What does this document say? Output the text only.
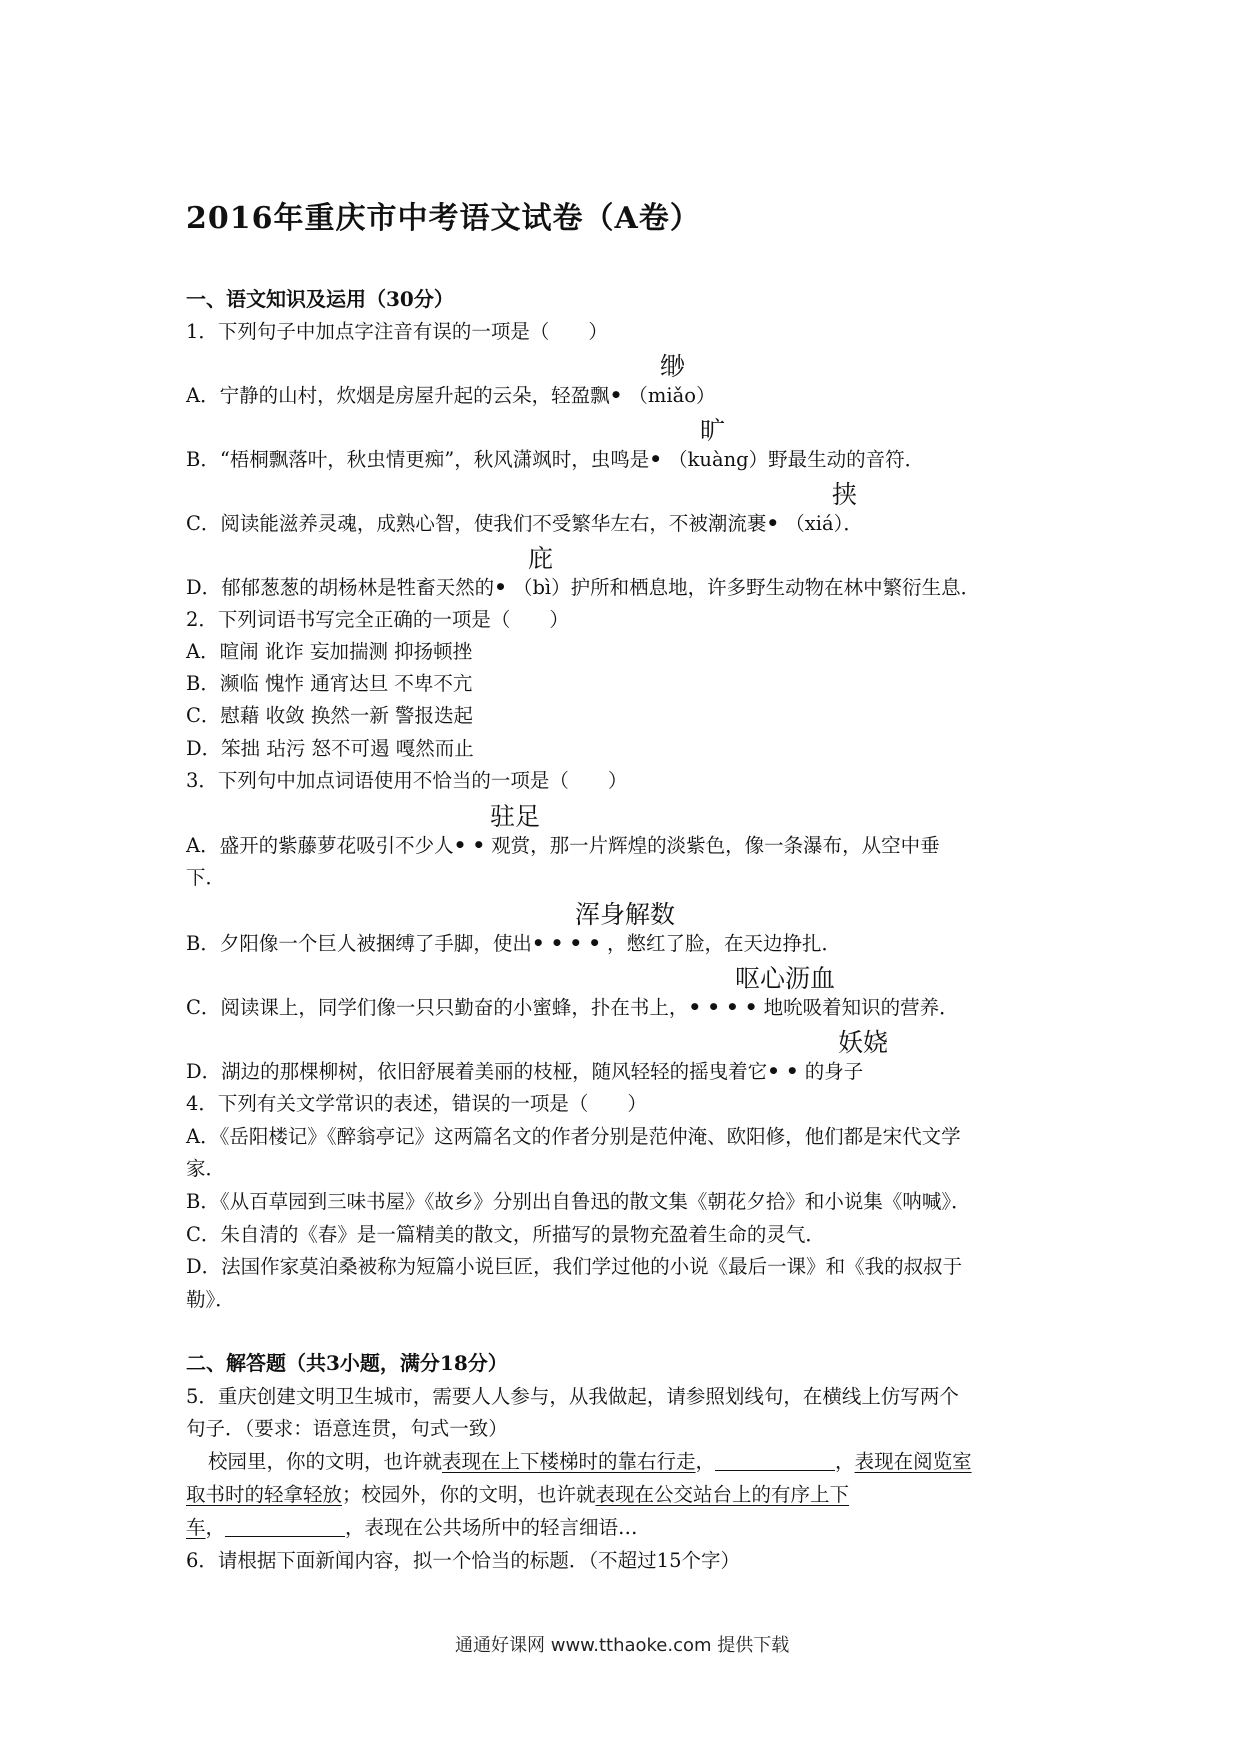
2016年重庆市中考语文试卷（A卷）
一、语文知识及运用（30分）
1．下列句子中加点字注音有误的一项是（　　）
缈
A．宁静的山村，炊烟是房屋升起的云朵，轻盈飘•（miǎo）
旷
B．“梧桐飘落叶，秋虫情更痴”，秋风潇飒时，虫鸣是•（kuàng）野最生动的音符．
挟
C．阅读能滋养灵魂，成熟心智，使我们不受繁华左右，不被潮流裹•（xiá）．
庇
D．郁郁葱葱的胡杨林是牲畜天然的•（bì）护所和栖息地，许多野生动物在林中繁衍生息．
2．下列词语书写完全正确的一项是（　　）
A．暄闹 讹诈 妄加揣测 抑扬顿挫
B．濒临 愧怍 通宵达旦 不卑不亢
C．慰藉 收敛 换然一新 警报迭起
D．笨拙 玷污 怒不可遏 嘎然而止
3．下列句中加点词语使用不恰当的一项是（　　）
驻足
A．盛开的紫藤萝花吸引不少人••观赏，那一片辉煌的淡紫色，像一条瀑布，从空中垂
下．
浑身解数
B．夕阳像一个巨人被捆缚了手脚，使出••••，憋红了脸，在天边挣扎．
呕心沥血
C．阅读课上，同学们像一只只勤奋的小蜜蜂，扑在书上，••••地吮吸着知识的营养．
妖娆
D．湖边的那棵柳树，依旧舒展着美丽的枝桠，随风轻轻的摇曳着它••的身子
4．下列有关文学常识的表述，错误的一项是（　　）
A．《岳阳楼记》《醉翁亭记》这两篇名文的作者分别是范仲淹、欧阳修，他们都是宋代文学
家．
B．《从百草园到三味书屋》《故乡》分别出自鲁迅的散文集《朝花夕拾》和小说集《呐喊》．
C．朱自清的《春》是一篇精美的散文，所描写的景物充盈着生命的灵气．
D．法国作家莫泊桑被称为短篇小说巨匠，我们学过他的小说《最后一课》和《我的叔叔于
勒》．
二、解答题（共3小题，满分18分）
5．重庆创建文明卫生城市，需要人人参与，从我做起，请参照划线句，在横线上仿写两个
句子．（要求：语意连贯，句式一致）
校园里，你的文明，也许就表现在上下楼梯时的靠右行走，	，表现在阅览室
取书时的轻拿轻放；校园外，你的文明，也许就表现在公交站台上的有序上下
车，	，表现在公共场所中的轻言细语…
6．请根据下面新闻内容，拟一个恰当的标题．（不超过15个字）
通通好课网 www.tthaoke.com 提供下载
